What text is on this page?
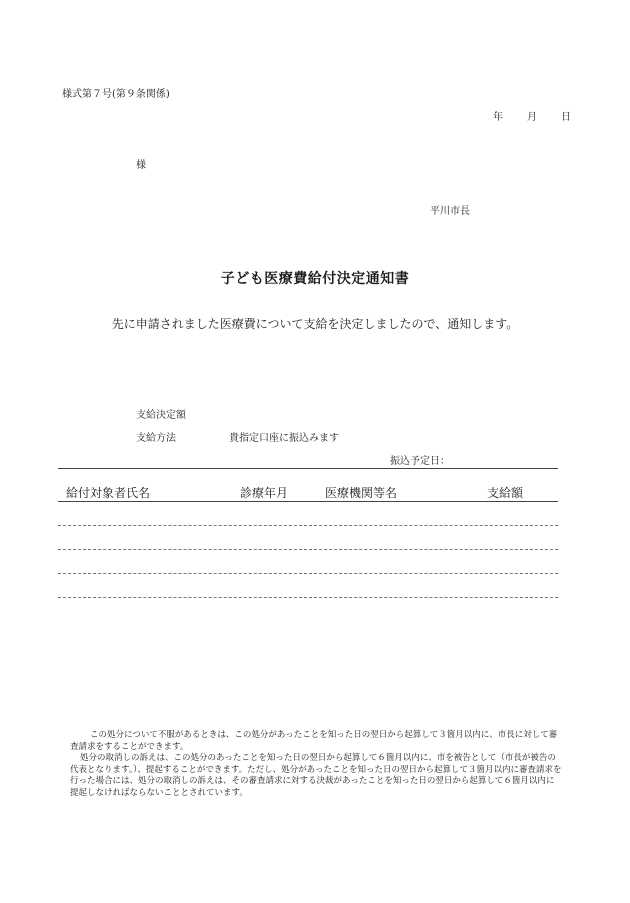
様式第７号(第９条関係)
年	月	日
様
平川市長
子ども医療費給付決定通知書
先に申請されました医療費について支給を決定しましたので、通知します。
支給決定額
支給方法	貴指定口座に振込みます
振込予定日：
給付対象者氏名	診療年月	医療機関等名	支給額

この処分について不服があるときは、この処分があったことを知った日の翌日から起算して３箇月以内に、市長に対して審査請求をすることができます。

処分の取消しの訴えは、この処分のあったことを知った日の翌日から起算して６箇月以内に、市を被告として（市長が被告の代表となります。）、提起することができます。ただし、処分があったことを知った日の翌日から起算して３箇月以内に審査請求を行った場合には、処分の取消しの訴えは、その審査請求に対する決裁があったことを知った日の翌日から起算して６箇月以内に提起しなければならないこととされています。
